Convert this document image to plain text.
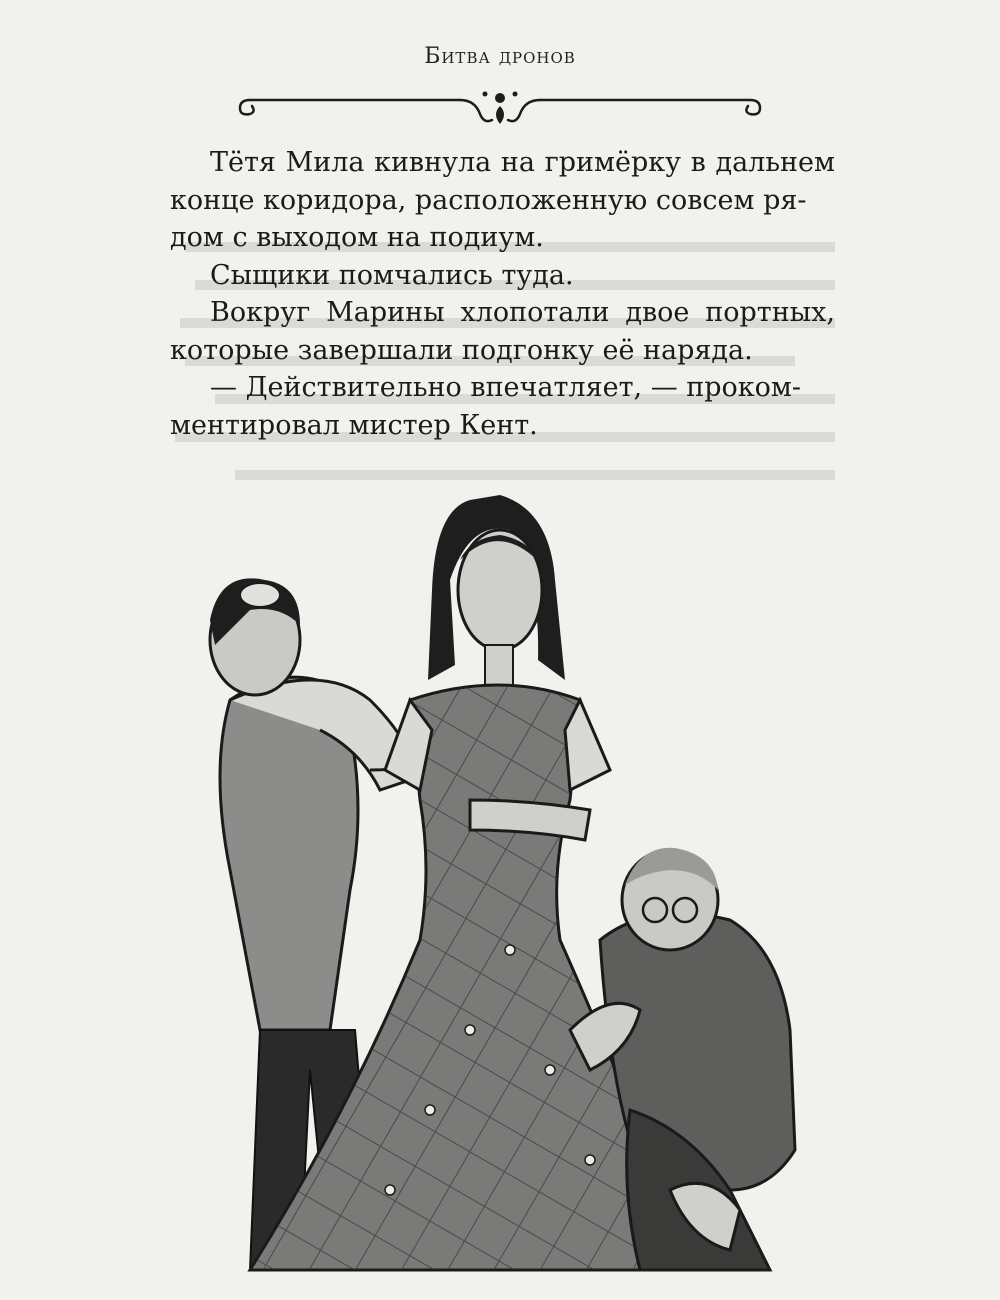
Битва дронов

Тётя Мила кивнула на гримёрку в дальнем конце коридора, расположенную совсем ря-

дом с выходом на подиум.

Сыщики помчались туда.

Вокруг Марины хлопотали двое портных, которые завершали подгонку её наряда.

— Действительно впечатляет, — проком-

ментировал мистер Кент.
